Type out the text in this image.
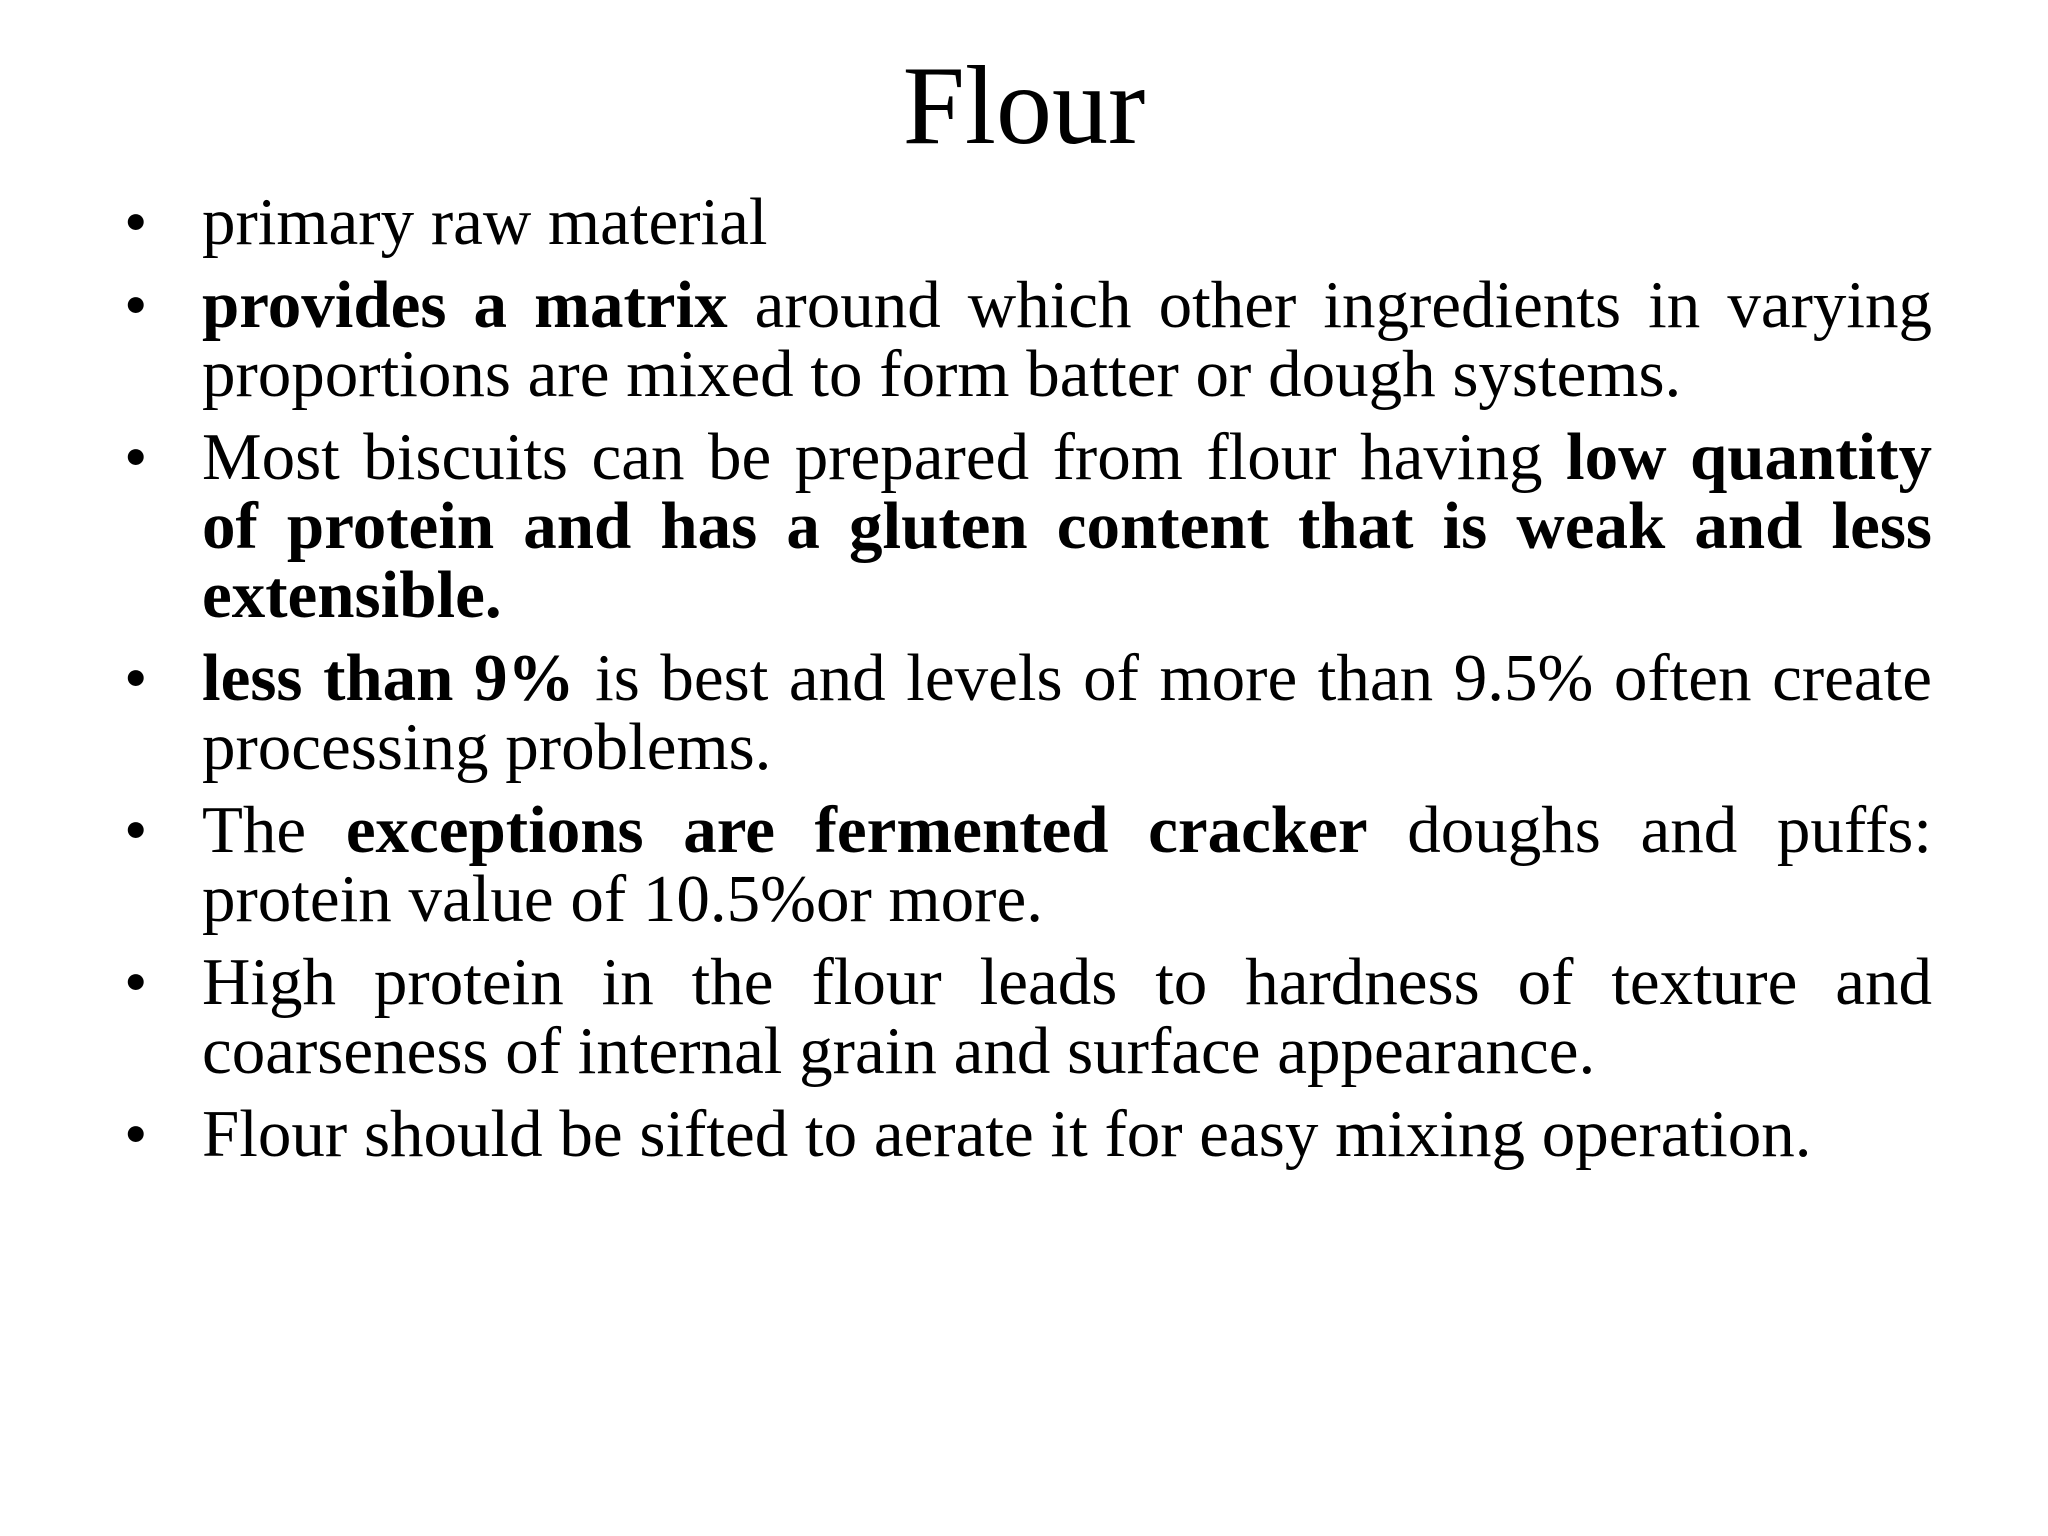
Flour
• primary raw material
• provides a matrix around which other ingredients in varying proportions are mixed to form batter or dough systems.
• Most biscuits can be prepared from flour having low quantity of protein and has a gluten content that is weak and less extensible.
• less than 9% is best and levels of more than 9.5% often create processing problems.
• The exceptions are fermented cracker doughs and puffs: protein value of 10.5%or more.
• High protein in the flour leads to hardness of texture and coarseness of internal grain and surface appearance.
• Flour should be sifted to aerate it for easy mixing operation.
